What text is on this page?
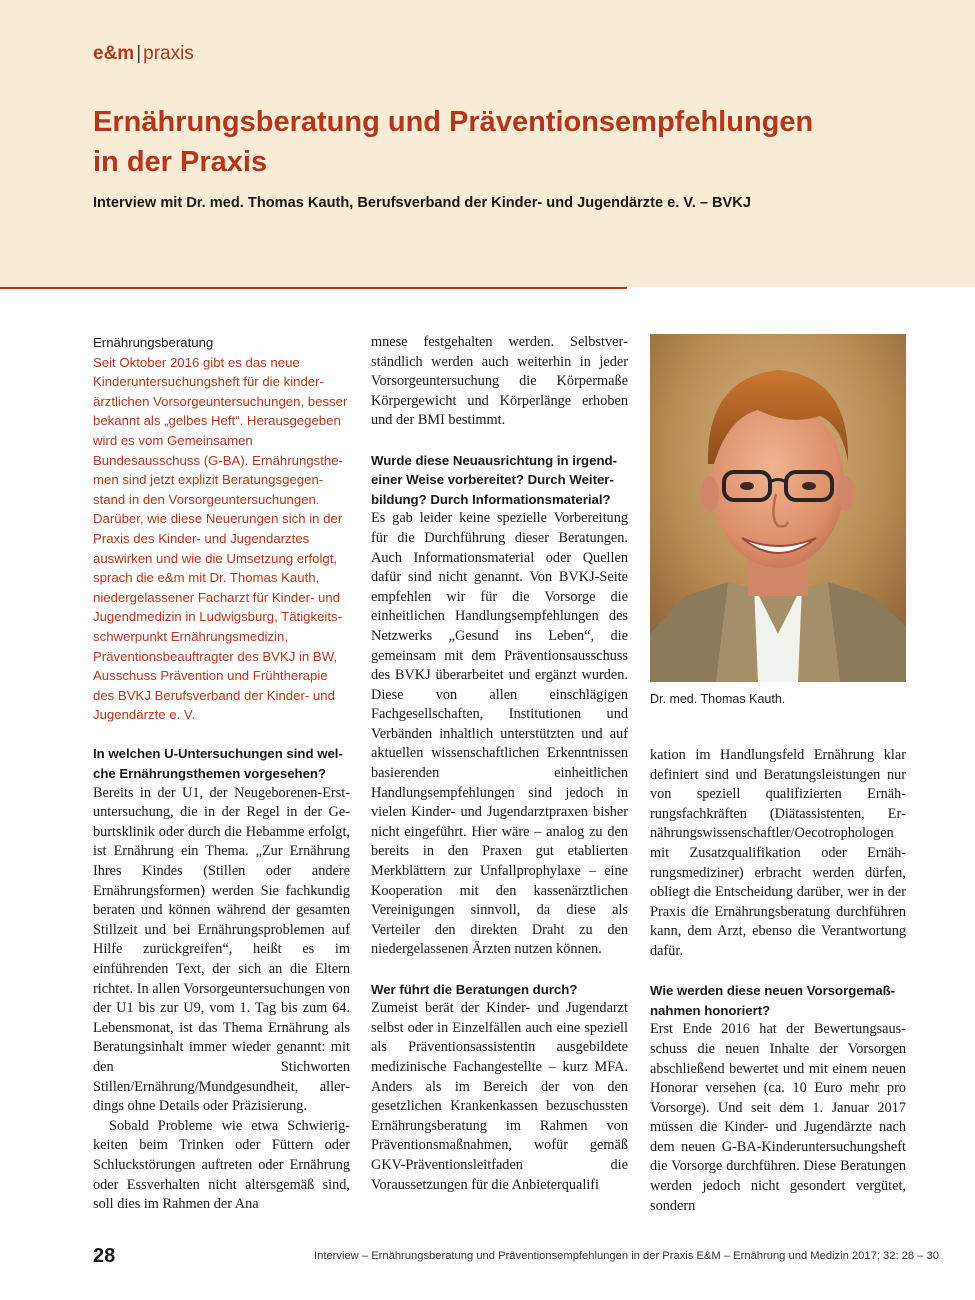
e&m | praxis
Ernährungsberatung und Präventionsempfehlungen
in der Praxis

Interview mit Dr. med. Thomas Kauth, Berufsverband der Kinder- und Jugendärzte e. V. – BVKJ

Ernährungsberatung

Seit Oktober 2016 gibt es das neue Kinderuntersuchungsheft für die kinderärztlichen Vorsorgeuntersuchungen, besser bekannt als „gelbes Heft“. Herausgegeben wird es vom Gemeinsamen Bundesausschuss (G-BA). Ernährungsthemen sind jetzt explizit Beratungsgegenstand in den Vorsorgeuntersuchungen. Darüber, wie diese Neuerungen sich in der Praxis des Kinder- und Jugendarztes auswirken und wie die Umsetzung erfolgt, sprach die e&m mit Dr. Thomas Kauth, niedergelassener Facharzt für Kinder- und Jugendmedizin in Ludwigsburg, Tätigkeitsschwerpunkt Ernährungsmedizin, Präventionsbeauftragter des BVKJ in BW, Ausschuss Prävention und Frühtherapie des BVKJ Berufsverband der Kinder- und Jugendärzte e. V.

In welchen U-Untersuchungen sind welche Ernährungsthemen vorgesehen?

Bereits in der U1, der Neugeborenen-Erstuntersuchung, die in der Regel in der Geburtsklinik oder durch die Hebamme erfolgt, ist Ernährung ein Thema. „Zur Ernährung Ihres Kindes (Stillen oder andere Ernährungsformen) werden Sie fachkundig beraten und können während der gesamten Stillzeit und bei Ernährungsproblemen auf Hilfe zurückgreifen“, heißt es im einführenden Text, der sich an die Eltern richtet. In allen Vorsorgeuntersuchungen von der U1 bis zur U9, vom 1. Tag bis zum 64. Lebensmonat, ist das Thema Ernährung als Beratungsinhalt immer wieder genannt: mit den Stichworten Stillen/Ernährung/Mundgesundheit, allerdings ohne Details oder Präzisierung.

Sobald Probleme wie etwa Schwierigkeiten beim Trinken oder Füttern oder Schluckstörungen auftreten oder Ernährung oder Essverhalten nicht altersgemäß sind, soll dies im Rahmen der Ana

mnese festgehalten werden. Selbstverständlich werden auch weiterhin in jeder Vorsorgeuntersuchung die Körpermaße Körpergewicht und Körperlänge erhoben und der BMI bestimmt.

Wurde diese Neuausrichtung in irgendeiner Weise vorbereitet? Durch Weiterbildung? Durch Informationsmaterial?

Es gab leider keine spezielle Vorbereitung für die Durchführung dieser Beratungen. Auch Informationsmaterial oder Quellen dafür sind nicht genannt. Von BVKJ-Seite empfehlen wir für die Vorsorge die einheitlichen Handlungsempfehlungen des Netzwerks „Gesund ins Leben“, die gemeinsam mit dem Präventionsausschuss des BVKJ überarbeitet und ergänzt wurden. Diese von allen einschlägigen Fachgesellschaften, Institutionen und Verbänden inhaltlich unterstützten und auf aktuellen wissenschaftlichen Erkenntnissen basierenden einheitlichen Handlungsempfehlungen sind jedoch in vielen Kinder- und Jugendarztpraxen bisher nicht eingeführt. Hier wäre – analog zu den bereits in den Praxen gut etablierten Merkblättern zur Unfallprophylaxe – eine Kooperation mit den kassenärztlichen Vereinigungen sinnvoll, da diese als Verteiler den direkten Draht zu den niedergelassenen Ärzten nutzen können.

Wer führt die Beratungen durch?

Zumeist berät der Kinder- und Jugendarzt selbst oder in Einzelfällen auch eine speziell als Präventionsassistentin ausgebildete medizinische Fachangestellte – kurz MFA. Anders als im Bereich der von den gesetzlichen Krankenkassen bezuschussten Ernährungsberatung im Rahmen von Präventionsmaßnahmen, wofür gemäß GKV-Präventionsleitfaden die Voraussetzungen für die Anbieterqualifi

Dr. med. Thomas Kauth.

kation im Handlungsfeld Ernährung klar definiert sind und Beratungsleistungen nur von speziell qualifizierten Ernährungsfachkräften (Diätassistenten, Ernährungswissenschaftler/Oecotrophologen mit Zusatzqualifikation oder Ernährungsmediziner) erbracht werden dürfen, obliegt die Entscheidung darüber, wer in der Praxis die Ernährungsberatung durchführen kann, dem Arzt, ebenso die Verantwortung dafür.

Wie werden diese neuen Vorsorgemaßnahmen honoriert?

Erst Ende 2016 hat der Bewertungsausschuss die neuen Inhalte der Vorsorgen abschließend bewertet und mit einem neuen Honorar versehen (ca. 10 Euro mehr pro Vorsorge). Und seit dem 1. Januar 2017 müssen die Kinder- und Jugendärzte nach dem neuen G-BA-Kinderuntersuchungsheft die Vorsorge durchführen. Diese Beratungen werden jedoch nicht gesondert vergütet, sondern

28	Interview – Ernährungsberatung und Präventionsempfehlungen in der Praxis E&M – Ernährung und Medizin 2017; 32: 28 – 30
